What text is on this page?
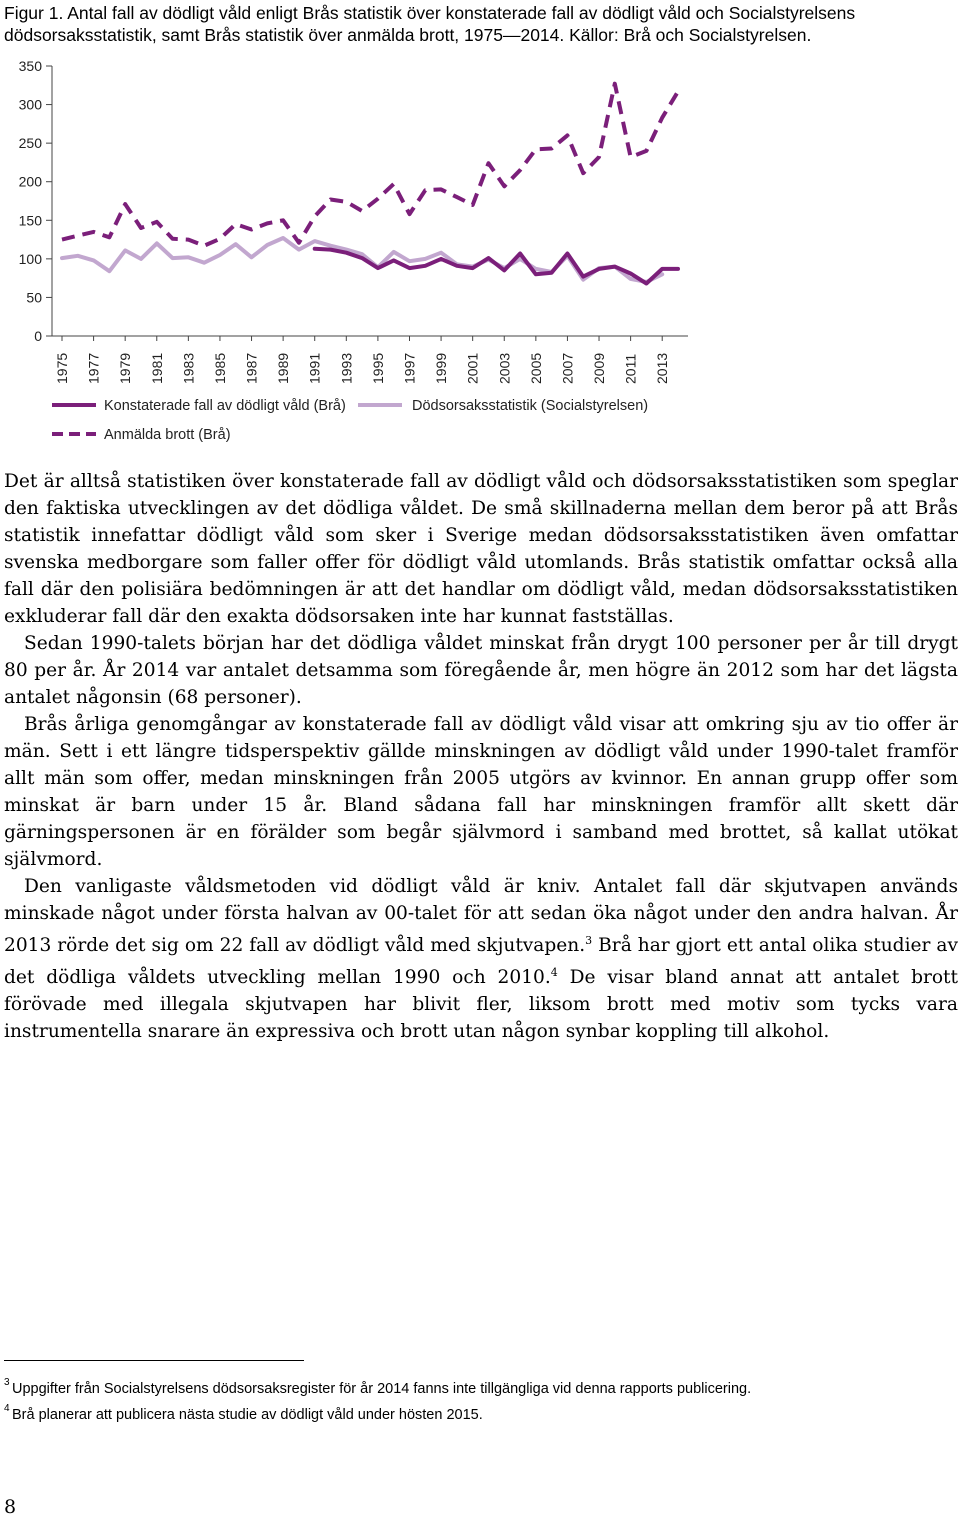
Figur 1. Antal fall av dödligt våld enligt Brås statistik över konstaterade fall av dödligt våld och Socialstyrelsens dödsorsaksstatistik, samt Brås statistik över anmälda brott, 1975—2014. Källor: Brå och Socialstyrelsen.

0
50
100
150
200
250
300
350
1975 1977 1979 1981 1983 1985 1987 1989 1991 1993 1995 1997 1999 2001 2003 2005 2007 2009 2011 2013
Konstaterade fall av dödligt våld (Brå)	Dödsorsaksstatistik (Socialstyrelsen)
Anmälda brott (Brå)

Det är alltså statistiken över konstaterade fall av dödligt våld och dödsorsaksstatistiken som speglar den faktiska utvecklingen av det dödliga våldet. De små skillnaderna mellan dem beror på att Brås statistik innefattar dödligt våld som sker i Sverige medan dödsorsaksstatistiken även omfattar svenska medborgare som faller offer för dödligt våld utomlands. Brås statistik omfattar också alla fall där den polisiära bedömningen är att det handlar om dödligt våld, medan dödsorsaksstatistiken exkluderar fall där den exakta dödsorsaken inte har kunnat fastställas.

Sedan 1990-talets början har det dödliga våldet minskat från drygt 100 personer per år till drygt 80 per år. År 2014 var antalet detsamma som föregående år, men högre än 2012 som har det lägsta antalet någonsin (68 personer).

Brås årliga genomgångar av konstaterade fall av dödligt våld visar att omkring sju av tio offer är män. Sett i ett längre tidsperspektiv gällde minskningen av dödligt våld under 1990-talet framför allt män som offer, medan minskningen från 2005 utgörs av kvinnor. En annan grupp offer som minskat är barn under 15 år. Bland sådana fall har minskningen framför allt skett där gärningspersonen är en förälder som begår självmord i samband med brottet, så kallat utökat självmord.

Den vanligaste våldsmetoden vid dödligt våld är kniv. Antalet fall där skjutvapen används minskade något under första halvan av 00-talet för att sedan öka något under den andra halvan. År 2013 rörde det sig om 22 fall av dödligt våld med skjutvapen.$^3$ Brå har gjort ett antal olika studier av det dödliga våldets utveckling mellan 1990 och 2010.$^4$ De visar bland annat att antalet brott förövade med illegala skjutvapen har blivit fler, liksom brott med motiv som tycks vara instrumentella snarare än expressiva och brott utan någon synbar koppling till alkohol.

3 Uppgifter från Socialstyrelsens dödsorsaksregister för år 2014 fanns inte tillgängliga vid denna rapports publicering.
4 Brå planerar att publicera nästa studie av dödligt våld under hösten 2015.
8
